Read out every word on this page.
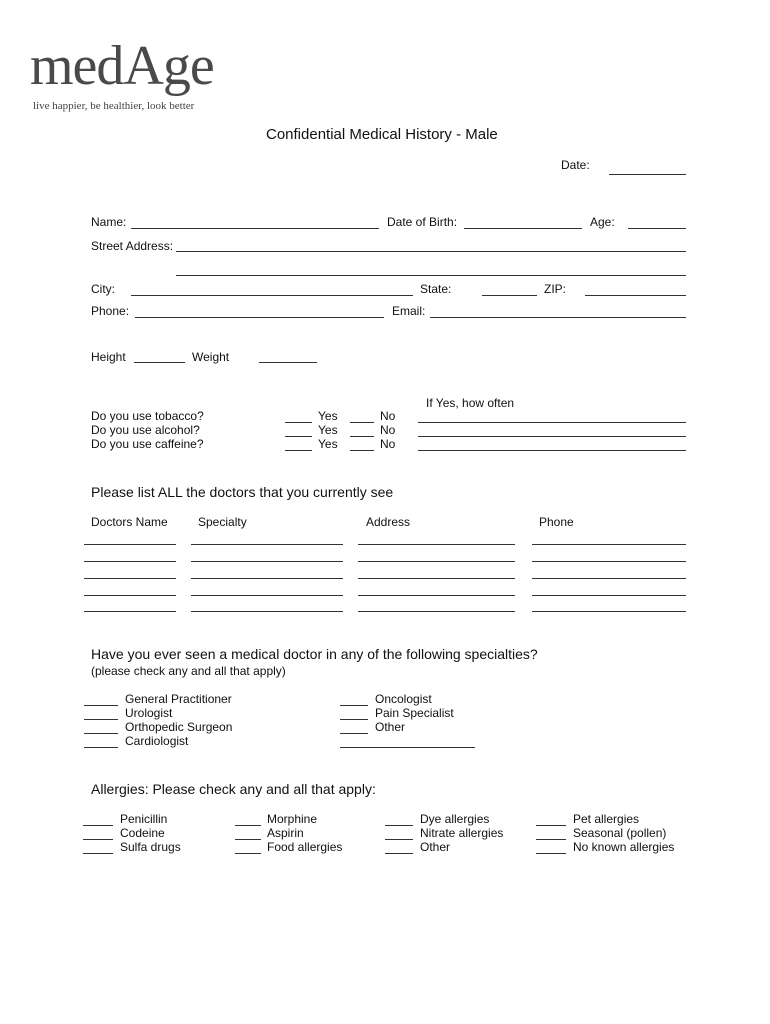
medAge
live happier, be healthier, look better
Confidential Medical History - Male
Date:
Name:	Date of Birth:	Age:
Street Address:
City:	State:	ZIP:
Phone:	Email:
Height	Weight
If Yes, how often
Do you use tobacco?	Yes	No
Do you use alcohol?	Yes	No
Do you use caffeine?	Yes	No
Please list ALL the doctors that you currently see
Doctors Name	Specialty	Address	Phone
Have you ever seen a medical doctor in any of the following specialties?
(please check any and all that apply)
General Practitioner
Urologist
Orthopedic Surgeon
Cardiologist
Oncologist
Pain Specialist
Other
Allergies: Please check any and all that apply:
Penicillin
Codeine
Sulfa drugs
Morphine
Aspirin
Food allergies
Dye allergies
Nitrate allergies
Other
Pet allergies
Seasonal (pollen)
No known allergies
